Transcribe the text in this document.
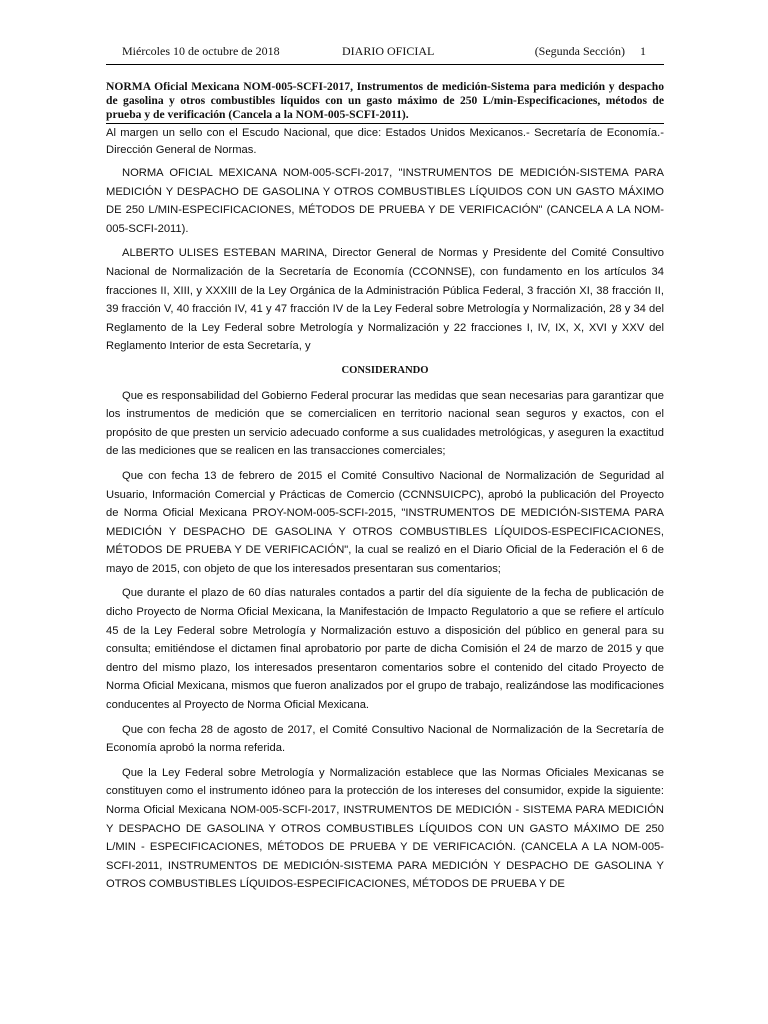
Miércoles 10 de octubre de 2018	DIARIO OFICIAL	(Segunda Sección)     1
NORMA Oficial Mexicana NOM-005-SCFI-2017, Instrumentos de medición-Sistema para medición y despacho de gasolina y otros combustibles líquidos con un gasto máximo de 250 L/min-Especificaciones, métodos de prueba y de verificación (Cancela a la NOM-005-SCFI-2011).

Al margen un sello con el Escudo Nacional, que dice: Estados Unidos Mexicanos.- Secretaría de Economía.- Dirección General de Normas.

NORMA OFICIAL MEXICANA NOM-005-SCFI-2017, "INSTRUMENTOS DE MEDICIÓN-SISTEMA PARA MEDICIÓN Y DESPACHO DE GASOLINA Y OTROS COMBUSTIBLES LÍQUIDOS CON UN GASTO MÁXIMO DE 250 L/MIN-ESPECIFICACIONES, MÉTODOS DE PRUEBA Y DE VERIFICACIÓN" (CANCELA A LA NOM-005-SCFI-2011).

ALBERTO ULISES ESTEBAN MARINA, Director General de Normas y Presidente del Comité Consultivo Nacional de Normalización de la Secretaría de Economía (CCONNSE), con fundamento en los artículos 34 fracciones II, XIII, y XXXIII de la Ley Orgánica de la Administración Pública Federal, 3 fracción XI, 38 fracción II, 39 fracción V, 40 fracción IV, 41 y 47 fracción IV de la Ley Federal sobre Metrología y Normalización, 28 y 34 del Reglamento de la Ley Federal sobre Metrología y Normalización y 22 fracciones I, IV, IX, X, XVI y XXV del Reglamento Interior de esta Secretaría, y

CONSIDERANDO

Que es responsabilidad del Gobierno Federal procurar las medidas que sean necesarias para garantizar que los instrumentos de medición que se comercialicen en territorio nacional sean seguros y exactos, con el propósito de que presten un servicio adecuado conforme a sus cualidades metrológicas, y aseguren la exactitud de las mediciones que se realicen en las transacciones comerciales;

Que con fecha 13 de febrero de 2015 el Comité Consultivo Nacional de Normalización de Seguridad al Usuario, Información Comercial y Prácticas de Comercio (CCNNSUICPC), aprobó la publicación del Proyecto de Norma Oficial Mexicana PROY-NOM-005-SCFI-2015, "INSTRUMENTOS DE MEDICIÓN-SISTEMA PARA MEDICIÓN Y DESPACHO DE GASOLINA Y OTROS COMBUSTIBLES LÍQUIDOS-ESPECIFICACIONES, MÉTODOS DE PRUEBA Y DE VERIFICACIÓN", la cual se realizó en el Diario Oficial de la Federación el 6 de mayo de 2015, con objeto de que los interesados presentaran sus comentarios;

Que durante el plazo de 60 días naturales contados a partir del día siguiente de la fecha de publicación de dicho Proyecto de Norma Oficial Mexicana, la Manifestación de Impacto Regulatorio a que se refiere el artículo 45 de la Ley Federal sobre Metrología y Normalización estuvo a disposición del público en general para su consulta; emitiéndose el dictamen final aprobatorio por parte de dicha Comisión el 24 de marzo de 2015 y que dentro del mismo plazo, los interesados presentaron comentarios sobre el contenido del citado Proyecto de Norma Oficial Mexicana, mismos que fueron analizados por el grupo de trabajo, realizándose las modificaciones conducentes al Proyecto de Norma Oficial Mexicana.

Que con fecha 28 de agosto de 2017, el Comité Consultivo Nacional de Normalización de la Secretaría de Economía aprobó la norma referida.

Que la Ley Federal sobre Metrología y Normalización establece que las Normas Oficiales Mexicanas se constituyen como el instrumento idóneo para la protección de los intereses del consumidor, expide la siguiente: Norma Oficial Mexicana NOM-005-SCFI-2017, INSTRUMENTOS DE MEDICIÓN - SISTEMA PARA MEDICIÓN Y DESPACHO DE GASOLINA Y OTROS COMBUSTIBLES LÍQUIDOS CON UN GASTO MÁXIMO DE 250 L/MIN - ESPECIFICACIONES, MÉTODOS DE PRUEBA Y DE VERIFICACIÓN. (CANCELA A LA NOM-005-SCFI-2011, INSTRUMENTOS DE MEDICIÓN-SISTEMA PARA MEDICIÓN Y DESPACHO DE GASOLINA Y OTROS COMBUSTIBLES LÍQUIDOS-ESPECIFICACIONES, MÉTODOS DE PRUEBA Y DE
